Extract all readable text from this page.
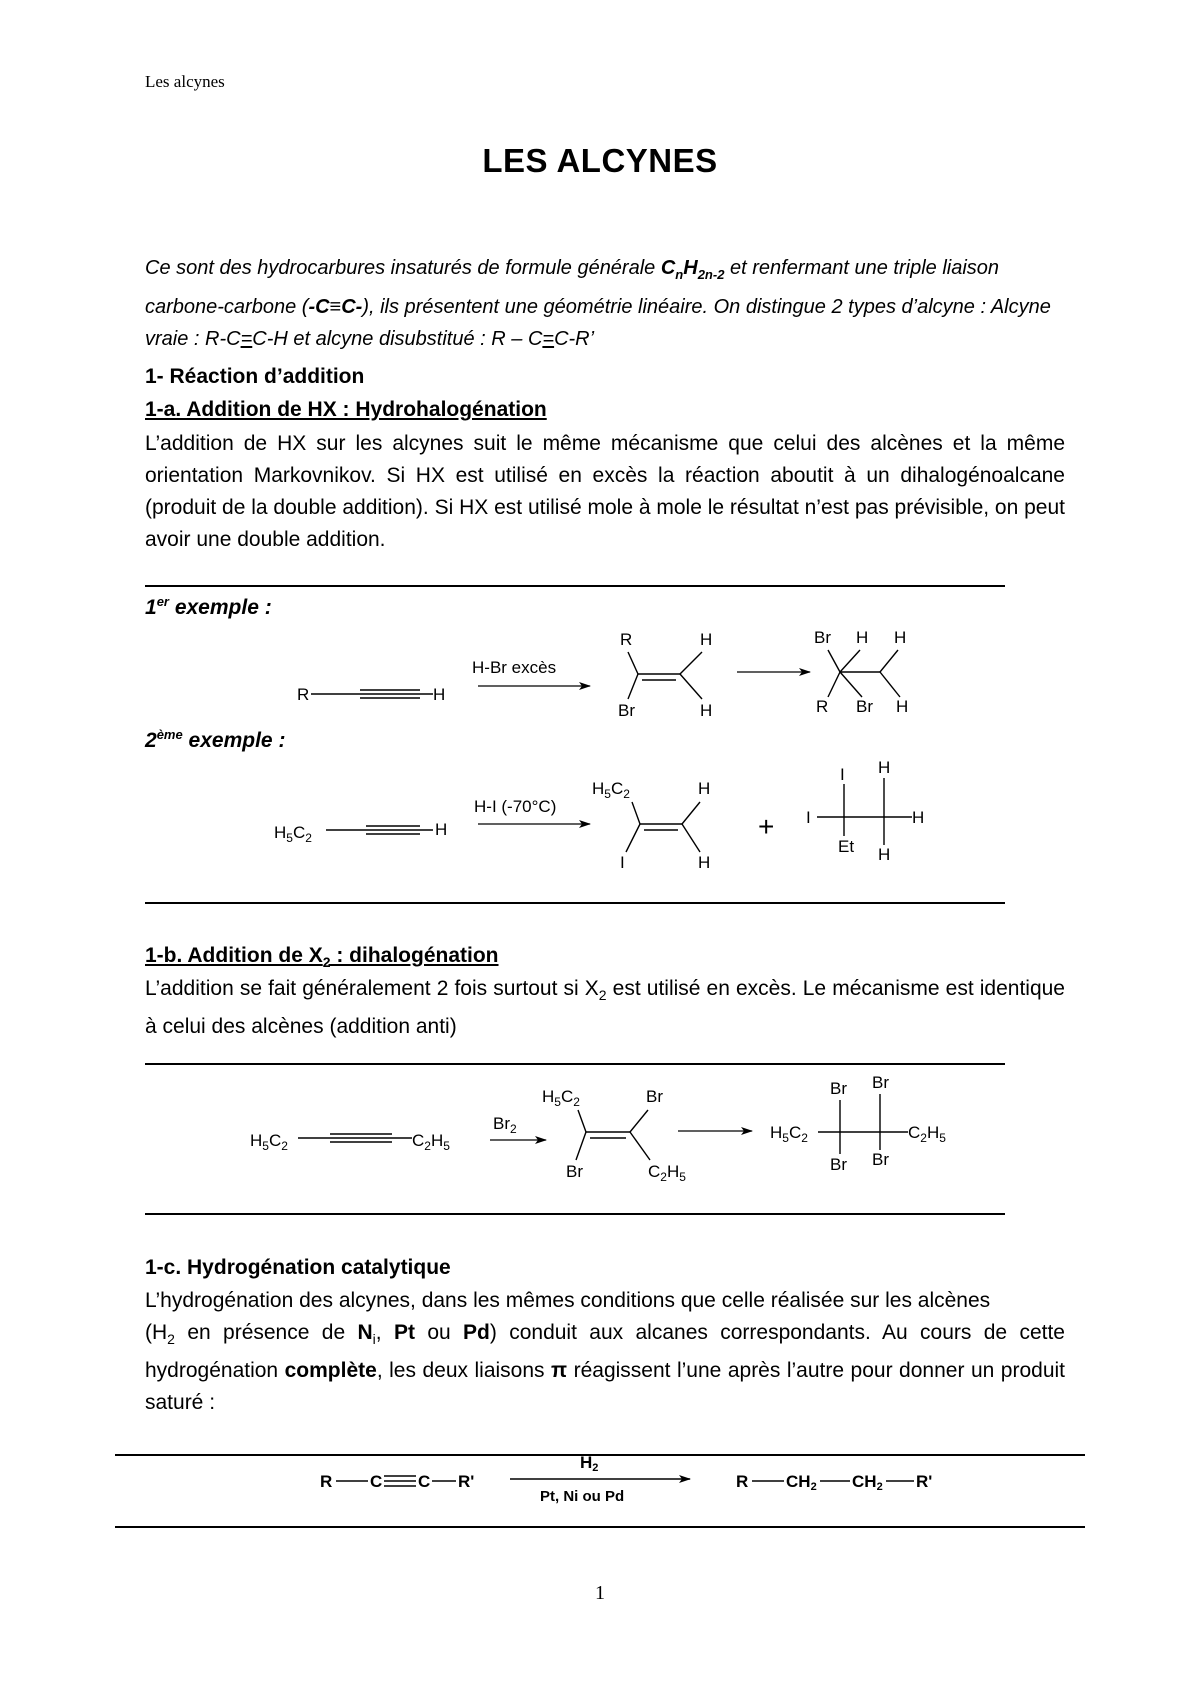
Les alcynes
LES ALCYNES
Ce sont des hydrocarbures insaturés de formule générale $C_nH_{2n-2}$ et renfermant une triple liaison carbone-carbone (-C≡C-), ils présentent une géométrie linéaire. On distingue 2 types d’alcyne : Alcyne vraie : R-C=C-H et alcyne disubstitué : R – C=C-R’
1- Réaction d’addition
1-a. Addition de HX : Hydrohalogénation
L’addition de HX sur les alcynes suit le même mécanisme que celui des alcènes et la même orientation Markovnikov. Si HX est utilisé en excès la réaction aboutit à un dihalogénoalcane (produit de la double addition). Si HX est utilisé mole à mole le résultat n’est pas prévisible, on peut avoir une double addition.
1er exemple :
2ème exemple :
1-b. Addition de $X_2$ : dihalogénation
L’addition se fait généralement 2 fois surtout si $X_2$ est utilisé en excès. Le mécanisme est identique à celui des alcènes (addition anti)
1-c. Hydrogénation catalytique
L’hydrogénation des alcynes, dans les mêmes conditions que celle réalisée sur les alcènes
($H_2$ en présence de $N_i$, Pt ou Pd) conduit aux alcanes correspondants. Au cours de cette hydrogénation complète, les deux liaisons π réagissent l’une après l’autre pour donner un produit saturé :
R	H
H-Br excès
R	H
Br	H
Br H H
R Br H
$H_5C_2$	H
H-I (-70°C)
$H_5C_2$	H
I	H
+
I
I
Et
H
H
H
$H_5C_2$	$C_2H_5$
$Br_2$
$H_5C_2$	Br
Br	$C_2H_5$
Br Br
Br Br
$H_5C_2$	$C_2H_5$
R C C R'
H2
Pt, Ni ou Pd
R CH2 CH2 R'
1
